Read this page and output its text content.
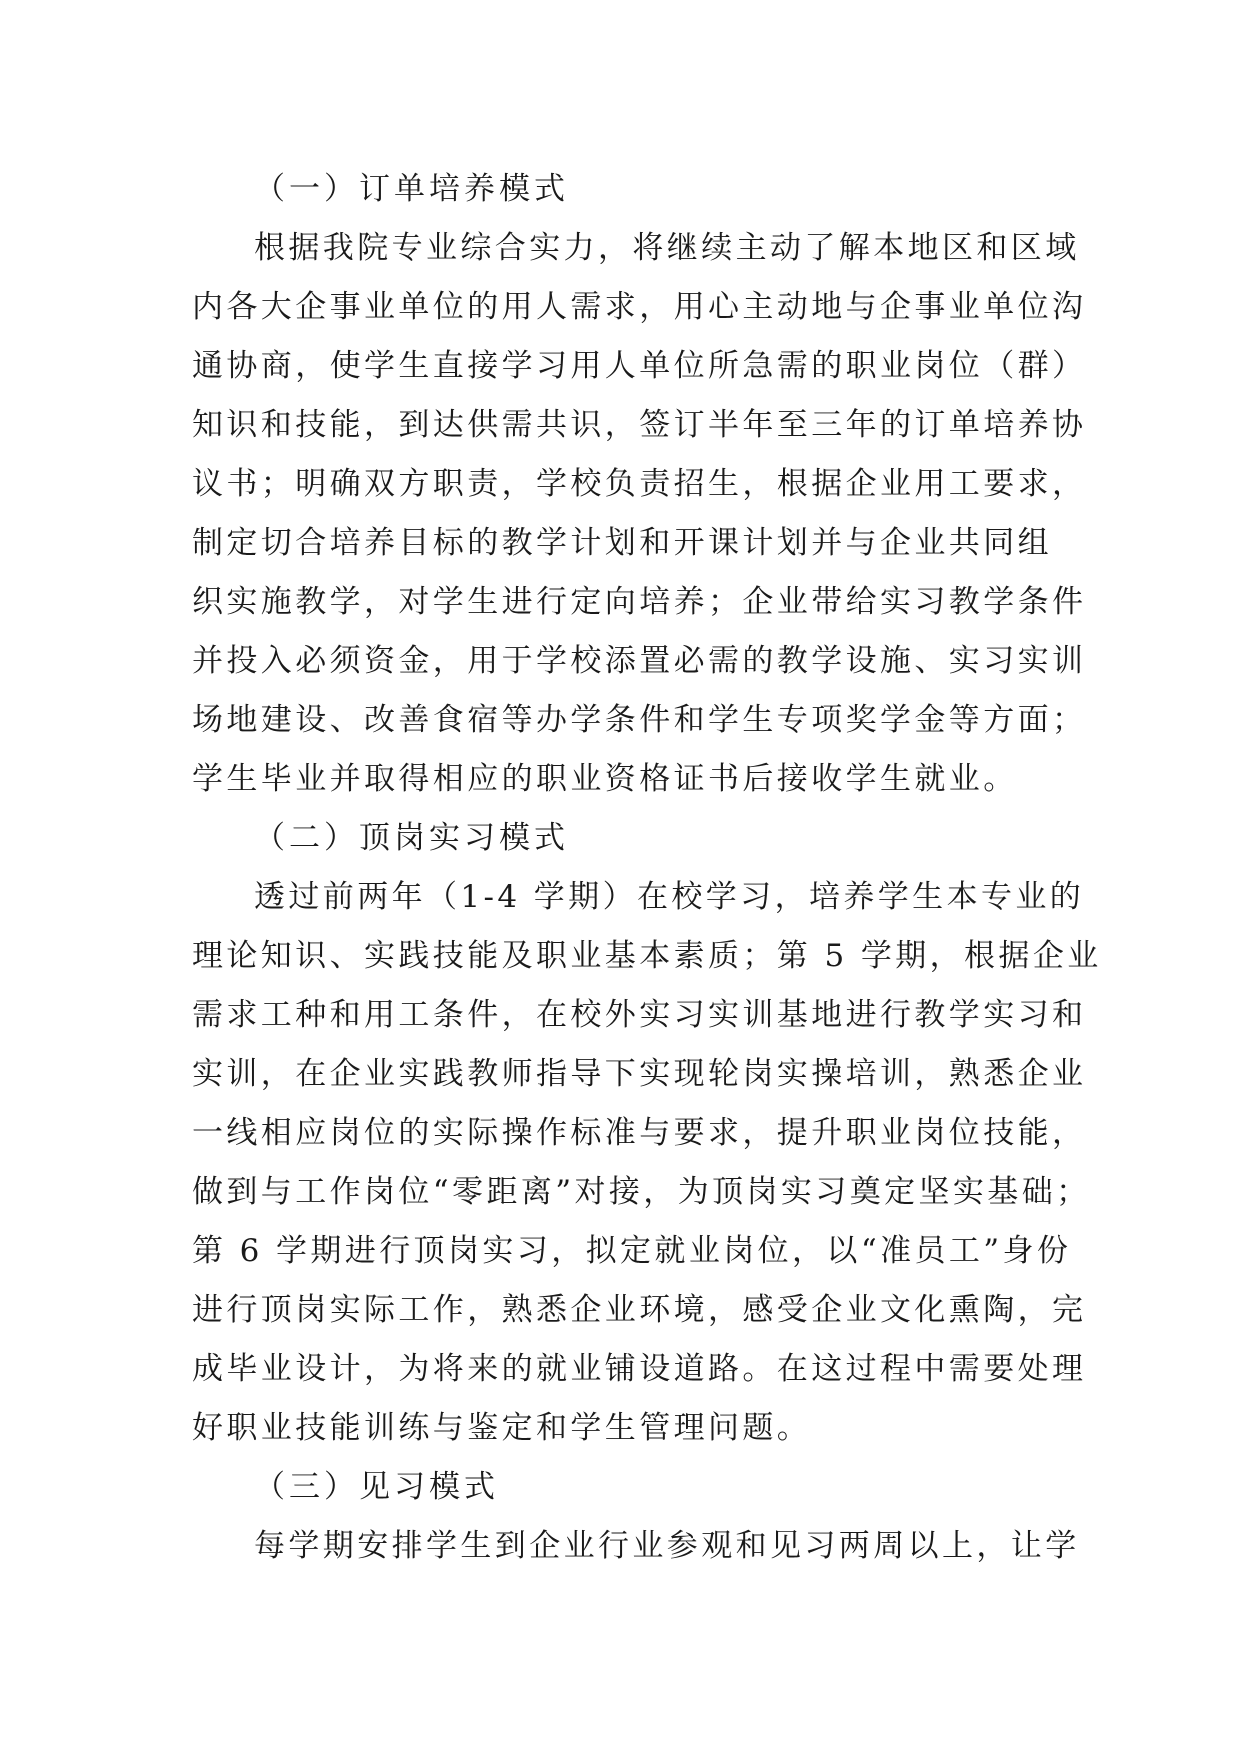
（一）订单培养模式
根据我院专业综合实力，将继续主动了解本地区和区域
内各大企事业单位的用人需求，用心主动地与企事业单位沟
通协商，使学生直接学习用人单位所急需的职业岗位（群）
知识和技能，到达供需共识，签订半年至三年的订单培养协
议书；明确双方职责，学校负责招生，根据企业用工要求，
制定切合培养目标的教学计划和开课计划并与企业共同组
织实施教学，对学生进行定向培养；企业带给实习教学条件
并投入必须资金，用于学校添置必需的教学设施、实习实训
场地建设、改善食宿等办学条件和学生专项奖学金等方面；
学生毕业并取得相应的职业资格证书后接收学生就业。
（二）顶岗实习模式
透过前两年（1-4 学期）在校学习，培养学生本专业的
理论知识、实践技能及职业基本素质；第 5 学期，根据企业
需求工种和用工条件，在校外实习实训基地进行教学实习和
实训，在企业实践教师指导下实现轮岗实操培训，熟悉企业
一线相应岗位的实际操作标准与要求，提升职业岗位技能，
做到与工作岗位“零距离”对接，为顶岗实习奠定坚实基础；
第 6 学期进行顶岗实习，拟定就业岗位，以“准员工”身份
进行顶岗实际工作，熟悉企业环境，感受企业文化熏陶，完
成毕业设计，为将来的就业铺设道路。在这过程中需要处理
好职业技能训练与鉴定和学生管理问题。
（三）见习模式
每学期安排学生到企业行业参观和见习两周以上，让学
